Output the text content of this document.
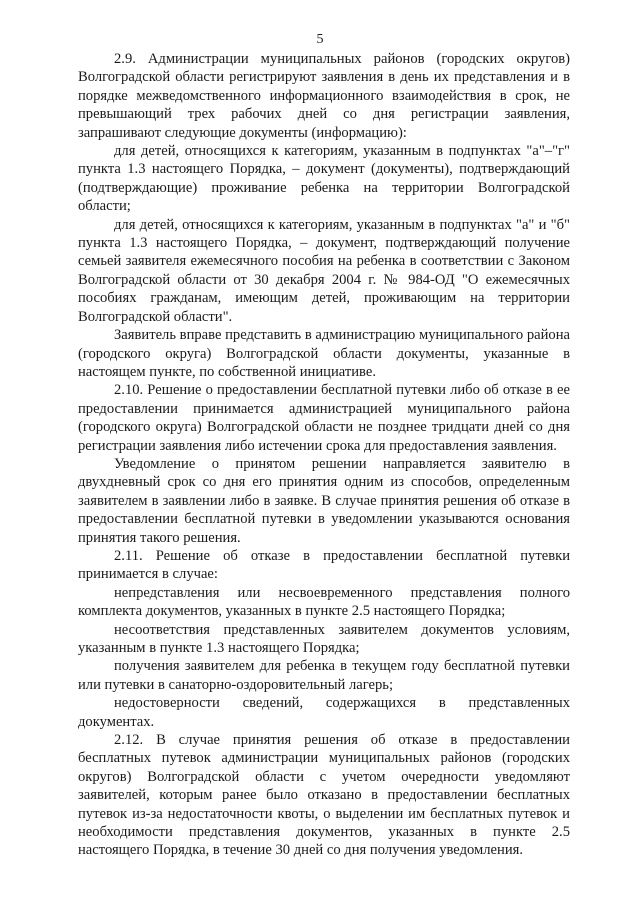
5

2.9. Администрации муниципальных районов (городских округов) Волгоградской области регистрируют заявления в день их представления и в порядке межведомственного информационного взаимодействия в срок, не превышающий трех рабочих дней со дня регистрации заявления, запрашивают следующие документы (информацию):

для детей, относящихся к категориям, указанным в подпунктах "а"–"г" пункта 1.3 настоящего Порядка, – документ (документы), подтверждающий (подтверждающие) проживание ребенка на территории Волгоградской области;

для детей, относящихся к категориям, указанным в подпунктах "а" и "б" пункта 1.3 настоящего Порядка, – документ, подтверждающий получение семьей заявителя ежемесячного пособия на ребенка в соответствии с Законом Волгоградской области от 30 декабря 2004 г. № 984-ОД "О ежемесячных пособиях гражданам, имеющим детей, проживающим на территории Волгоградской области".

Заявитель вправе представить в администрацию муниципального района (городского округа) Волгоградской области документы, указанные в настоящем пункте, по собственной инициативе.

2.10. Решение о предоставлении бесплатной путевки либо об отказе в ее предоставлении принимается администрацией муниципального района (городского округа) Волгоградской области не позднее тридцати дней со дня регистрации заявления либо истечении срока для предоставления заявления.

Уведомление о принятом решении направляется заявителю в двухдневный срок со дня его принятия одним из способов, определенным заявителем в заявлении либо в заявке. В случае принятия решения об отказе в предоставлении бесплатной путевки в уведомлении указываются основания принятия такого решения.

2.11. Решение об отказе в предоставлении бесплатной путевки принимается в случае:

непредставления или несвоевременного представления полного комплекта документов, указанных в пункте 2.5 настоящего Порядка;

несоответствия представленных заявителем документов условиям, указанным в пункте 1.3 настоящего Порядка;

получения заявителем для ребенка в текущем году бесплатной путевки или путевки в санаторно-оздоровительный лагерь;

недостоверности сведений, содержащихся в представленных документах.

2.12. В случае принятия решения об отказе в предоставлении бесплатных путевок администрации муниципальных районов (городских округов) Волгоградской области с учетом очередности уведомляют заявителей, которым ранее было отказано в предоставлении бесплатных путевок из-за недостаточности квоты, о выделении им бесплатных путевок и необходимости представления документов, указанных в пункте 2.5 настоящего Порядка, в течение 30 дней со дня получения уведомления.
